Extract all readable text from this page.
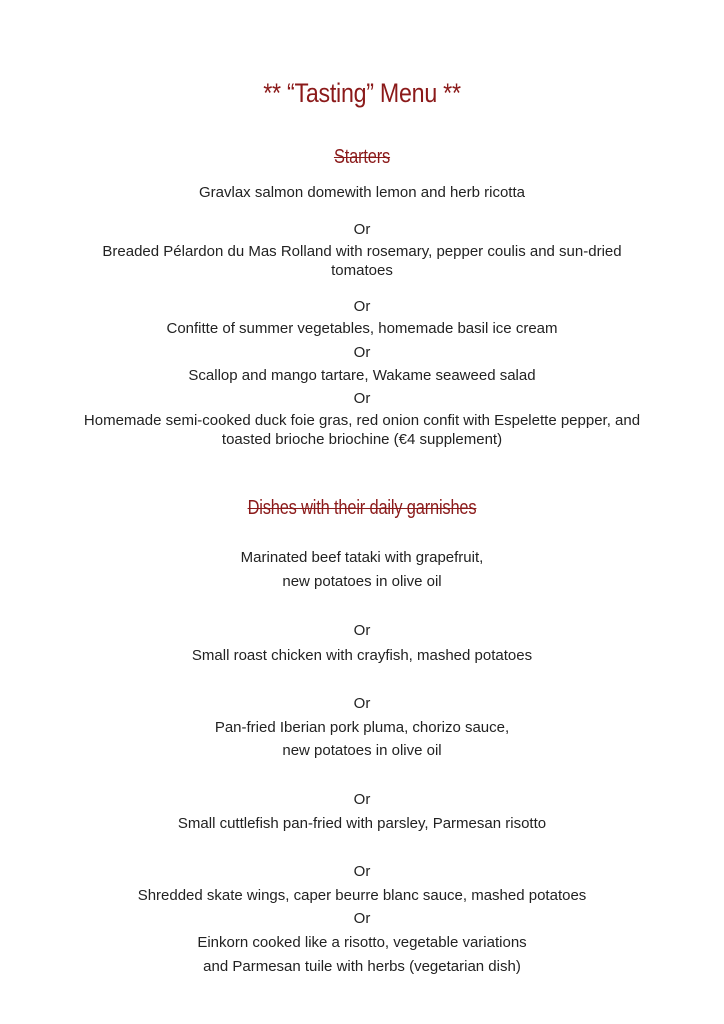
** “Tasting” Menu **
Starters
Gravlax salmon domewith lemon and herb ricotta
Or
Breaded Pélardon du Mas Rolland with rosemary, pepper coulis and sun-dried
tomatoes
Or
Confitte of summer vegetables, homemade basil ice cream
Or
Scallop and mango tartare, Wakame seaweed salad
Or
Homemade semi-cooked duck foie gras, red onion confit with Espelette pepper, and
toasted brioche briochine (€4 supplement)
Dishes with their daily garnishes
Marinated beef tataki with grapefruit,
new potatoes in olive oil
Or
Small roast chicken with crayfish, mashed potatoes
Or
Pan-fried Iberian pork pluma, chorizo sauce,
new potatoes in olive oil
Or
Small cuttlefish pan-fried with parsley, Parmesan risotto
Or
Shredded skate wings, caper beurre blanc sauce, mashed potatoes
Or
Einkorn cooked like a risotto, vegetable variations
and Parmesan tuile with herbs (vegetarian dish)
